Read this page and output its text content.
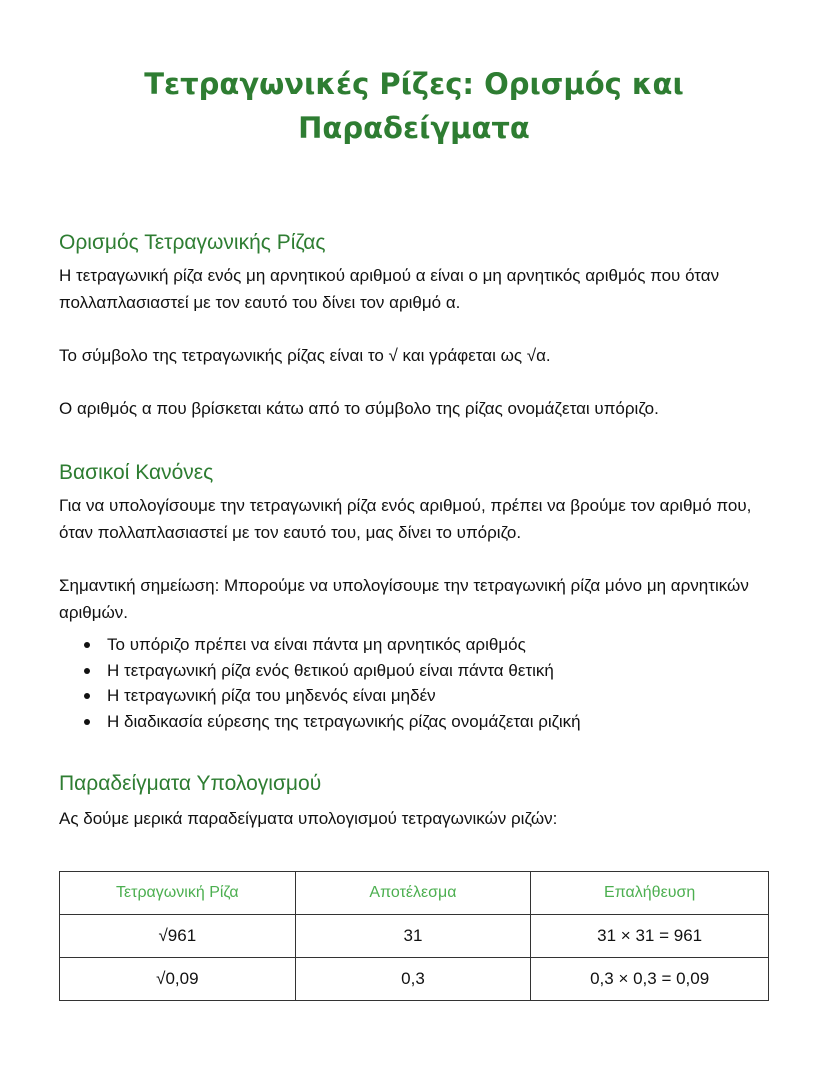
Τετραγωνικές Ρίζες: Ορισμός και Παραδείγματα
Ορισμός Τετραγωνικής Ρίζας

Η τετραγωνική ρίζα ενός μη αρνητικού αριθμού α είναι ο μη αρνητικός αριθμός που όταν πολλαπλασιαστεί με τον εαυτό του δίνει τον αριθμό α.

Το σύμβολο της τετραγωνικής ρίζας είναι το √ και γράφεται ως √α.

Ο αριθμός α που βρίσκεται κάτω από το σύμβολο της ρίζας ονομάζεται υπόριζο.

Βασικοί Κανόνες

Για να υπολογίσουμε την τετραγωνική ρίζα ενός αριθμού, πρέπει να βρούμε τον αριθμό που, όταν πολλαπλασιαστεί με τον εαυτό του, μας δίνει το υπόριζο.

Σημαντική σημείωση: Μπορούμε να υπολογίσουμε την τετραγωνική ρίζα μόνο μη αρνητικών αριθμών.

Το υπόριζο πρέπει να είναι πάντα μη αρνητικός αριθμός
Η τετραγωνική ρίζα ενός θετικού αριθμού είναι πάντα θετική
Η τετραγωνική ρίζα του μηδενός είναι μηδέν
Η διαδικασία εύρεσης της τετραγωνικής ρίζας ονομάζεται ριζική
Παραδείγματα Υπολογισμού

Ας δούμε μερικά παραδείγματα υπολογισμού τετραγωνικών ριζών:

Τετραγωνική Ρίζα	Αποτέλεσμα	Επαλήθευση
√961	31	31 × 31 = 961
√0,09	0,3	0,3 × 0,3 = 0,09
